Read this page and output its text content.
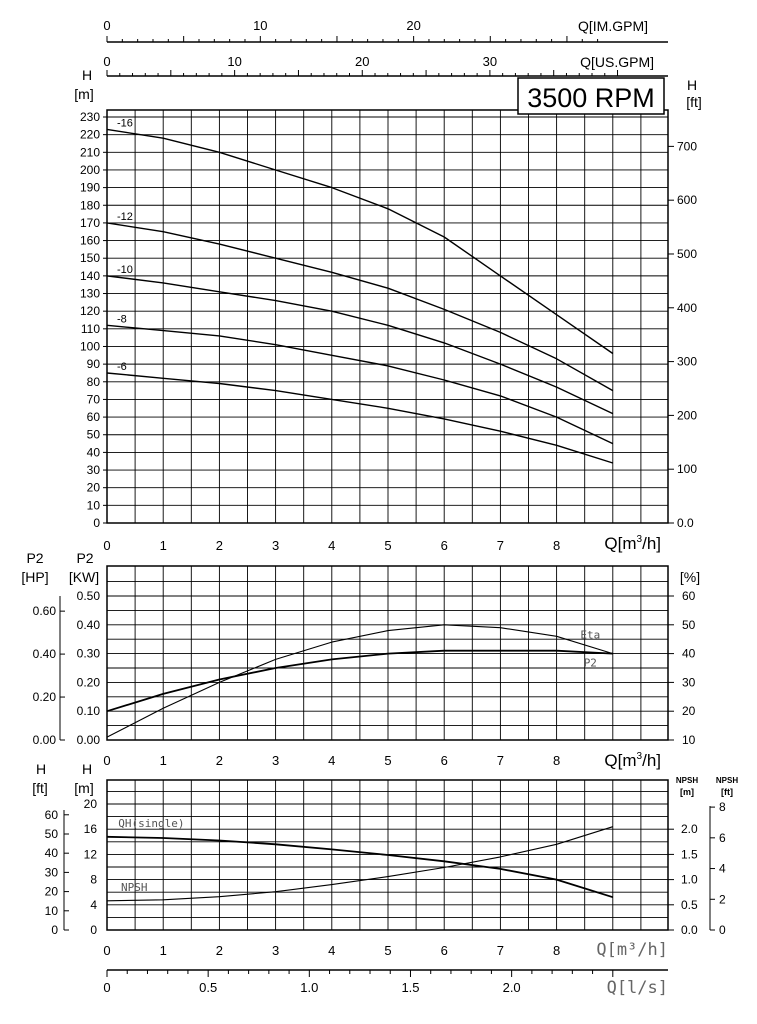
3500 RPM
Q[IM.GPM]
Q[US.GPM]
H
[m]
H
[ft]
$Q[m^3/h]$
P2
[HP]
P2
[KW]	[%]
$Q[m^3/h]$
H
[ft]
H
[m]	NPSH
[m]
NPSH
[ft]
Q[m³/h]
Q[l/s]
0
10
20
30
40
50
60
70
80
90
100
110
120
130
140
150
160
170
180
190
200
210
220
230
0	1	2	3	4	5	6	7	8
0.0
100
200
300
400
500
600
700
0	10	20
0	10	20	30
-16
-12
-10
-8
-6
0.00
0.10
0.20
0.30
0.40
0.50
0.00
0.20
0.40
0.60
10
20
30
40
50
60
0	1	2	3	4	5	6	7	8
Eta
P2
0
4
8
12
16
20
0
10
20
30
40
50
60
0.0
0.5
1.0
1.5
2.0
0
2
4
6
8
0	1	2	3	4	5	6	7	8
0	0.5	1.0	1.5	2.0
QH(single)
NPSH
